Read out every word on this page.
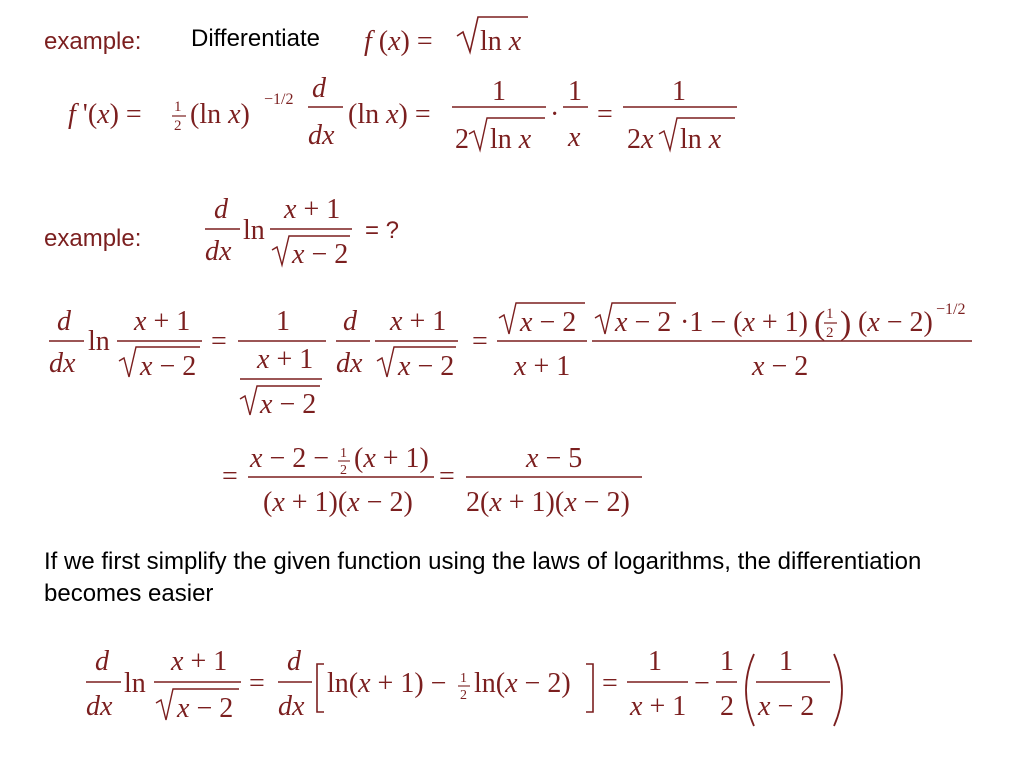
example: Differentiate
example:	= ?
If we first simplify the given function using the laws of logarithms, the differentiation becomes easier
f (x) = ln x
f '(x) = 1
2 (ln x) −1/2 d
dx
(ln x) =
1
2 ln x
·
1
x
=
1
2x ln x
d
dx
ln
x + 1
x − 2
d
dx
ln
x + 1
x − 2
=
1
x + 1
x − 2
d
dx
x + 1
x − 2
=
x − 2
x + 1
x − 2 ·1 − (x + 1) ( 1
2 ) (x − 2) −1/2
x − 2
=
x − 2 − 1
2 (x + 1)
(x + 1)(x − 2)
=
x − 5
2(x + 1)(x − 2)
d
dx
ln
x + 1
x − 2
=
d
dx
ln(x + 1) − 1
2 ln(x − 2) =
1
x + 1
−
1
2
1
x − 2
